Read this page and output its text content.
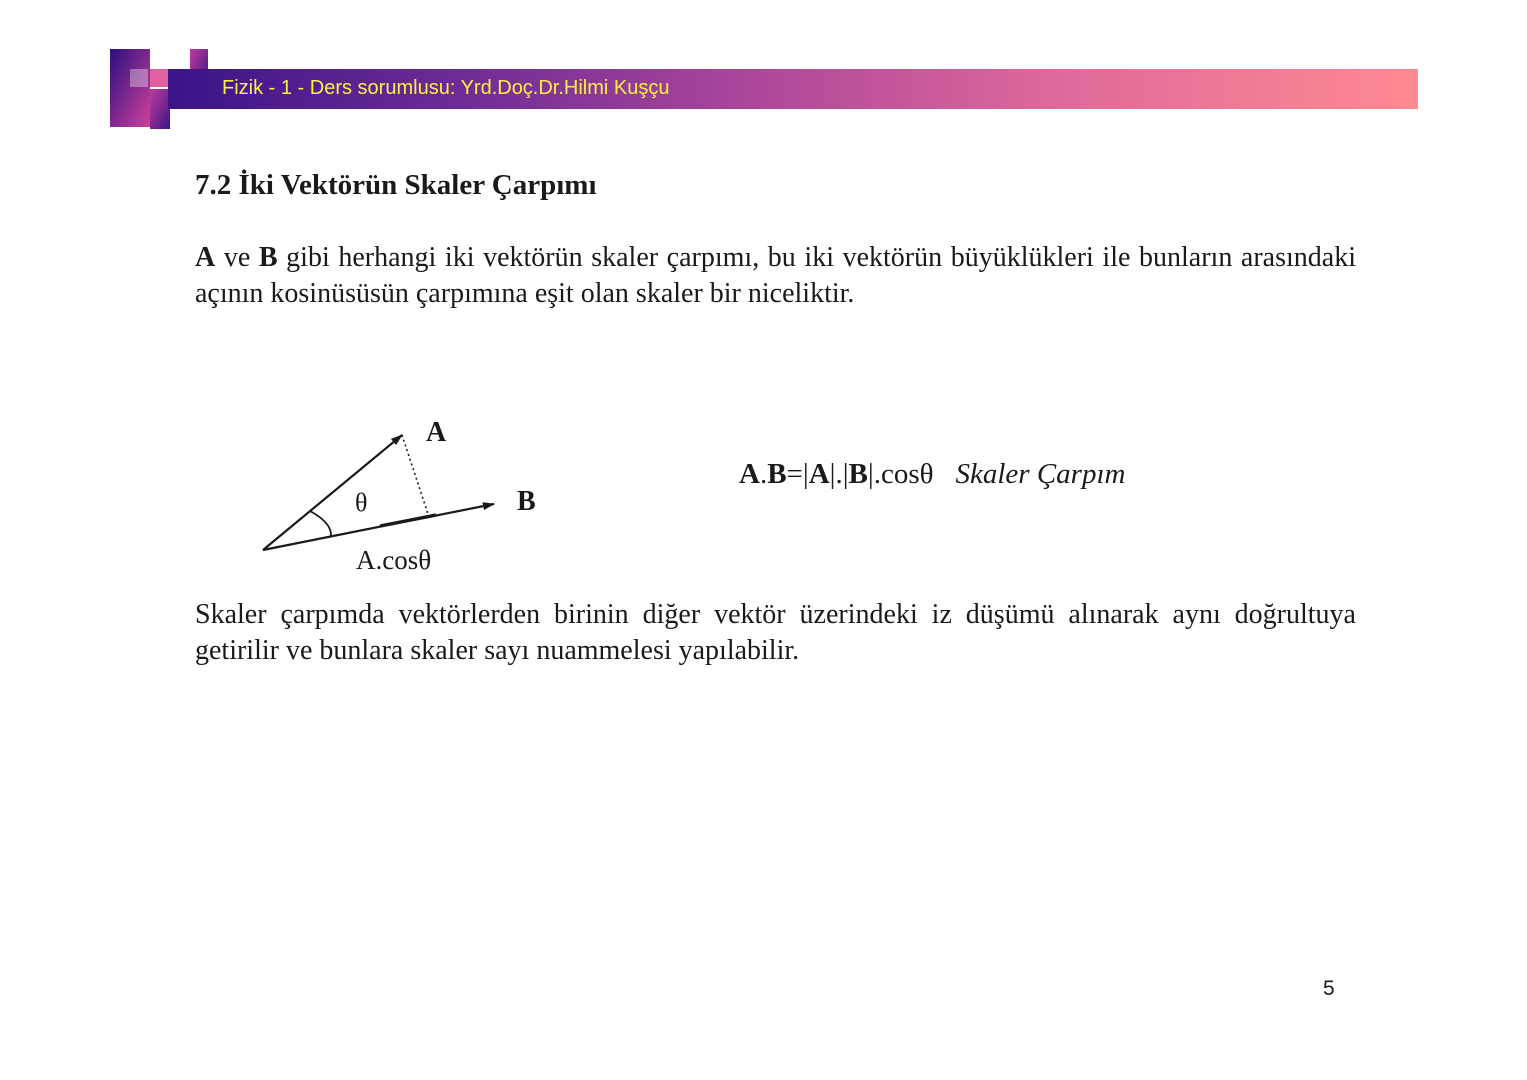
Fizik - 1 - Ders sorumlusu: Yrd.Doç.Dr.Hilmi Kuşçu
7.2 İki Vektörün Skaler Çarpımı

A ve B gibi herhangi iki vektörün skaler çarpımı, bu iki vektörün büyüklükleri ile bunların arasındaki açının kosinüsüsün çarpımına eşit olan skaler bir niceliktir.

A
B
θ
A.cosθ
A.B=|A|.|B|.cosθ Skaler Çarpım

Skaler çarpımda vektörlerden birinin diğer vektör üzerindeki iz düşümü alınarak aynı doğrultuya getirilir ve bunlara skaler sayı nuammelesi yapılabilir.

5
